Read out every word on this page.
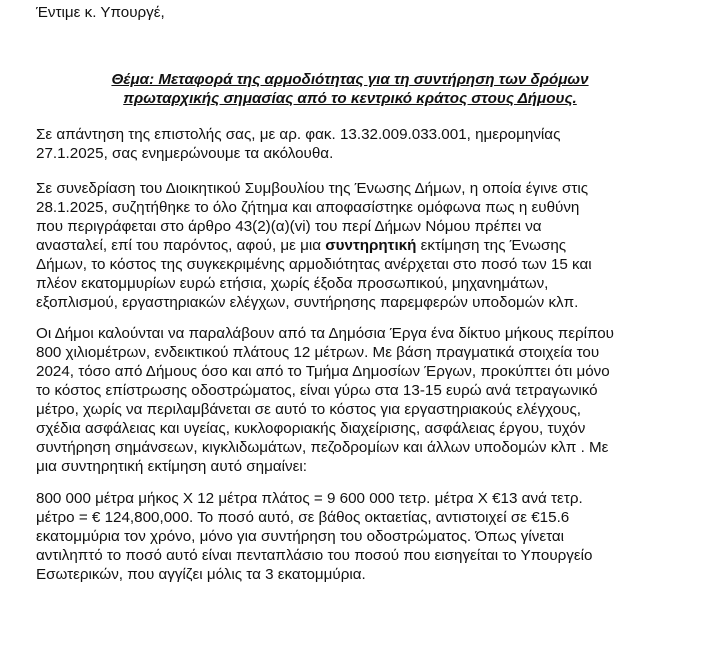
Έντιμε κ. Υπουργέ,
Θέμα: Μεταφορά της αρμοδιότητας για τη συντήρηση των δρόμων
πρωταρχικής σημασίας από το κεντρικό κράτος στους Δήμους.
Σε απάντηση της επιστολής σας, με αρ. φακ. 13.32.009.033.001, ημερομηνίας
27.1.2025, σας ενημερώνουμε τα ακόλουθα.
Σε συνεδρίαση του Διοικητικού Συμβουλίου της Ένωσης Δήμων, η οποία έγινε στις
28.1.2025, συζητήθηκε το όλο ζήτημα και αποφασίστηκε ομόφωνα πως η ευθύνη
που περιγράφεται στο άρθρο 43(2)(α)(vi) του περί Δήμων Νόμου πρέπει να
ανασταλεί, επί του παρόντος, αφού, με μια συντηρητική εκτίμηση της Ένωσης
Δήμων, το κόστος της συγκεκριμένης αρμοδιότητας ανέρχεται στο ποσό των 15 και
πλέον εκατομμυρίων ευρώ ετήσια, χωρίς έξοδα προσωπικού, μηχανημάτων,
εξοπλισμού, εργαστηριακών ελέγχων, συντήρησης παρεμφερών υποδομών κλπ.
Οι Δήμοι καλούνται να παραλάβουν από τα Δημόσια Έργα ένα δίκτυο μήκους περίπου
800 χιλιομέτρων, ενδεικτικού πλάτους 12 μέτρων. Με βάση πραγματικά στοιχεία του
2024, τόσο από Δήμους όσο και από το Τμήμα Δημοσίων Έργων, προκύπτει ότι μόνο
το κόστος επίστρωσης οδοστρώματος, είναι γύρω στα 13-15 ευρώ ανά τετραγωνικό
μέτρο, χωρίς να περιλαμβάνεται σε αυτό το κόστος για εργαστηριακούς ελέγχους,
σχέδια ασφάλειας και υγείας, κυκλοφοριακής διαχείρισης, ασφάλειας έργου, τυχόν
συντήρηση σημάνσεων, κιγκλιδωμάτων, πεζοδρομίων και άλλων υποδομών κλπ . Με
μια συντηρητική εκτίμηση αυτό σημαίνει:
800 000 μέτρα μήκος Χ 12 μέτρα πλάτος = 9 600 000 τετρ. μέτρα Χ €13 ανά τετρ.
μέτρο = € 124,800,000. Το ποσό αυτό, σε βάθος οκταετίας, αντιστοιχεί σε €15.6
εκατομμύρια τον χρόνο, μόνο για συντήρηση του οδοστρώματος. Όπως γίνεται
αντιληπτό το ποσό αυτό είναι πενταπλάσιο του ποσού που εισηγείται το Υπουργείο
Εσωτερικών, που αγγίζει μόλις τα 3 εκατομμύρια.
